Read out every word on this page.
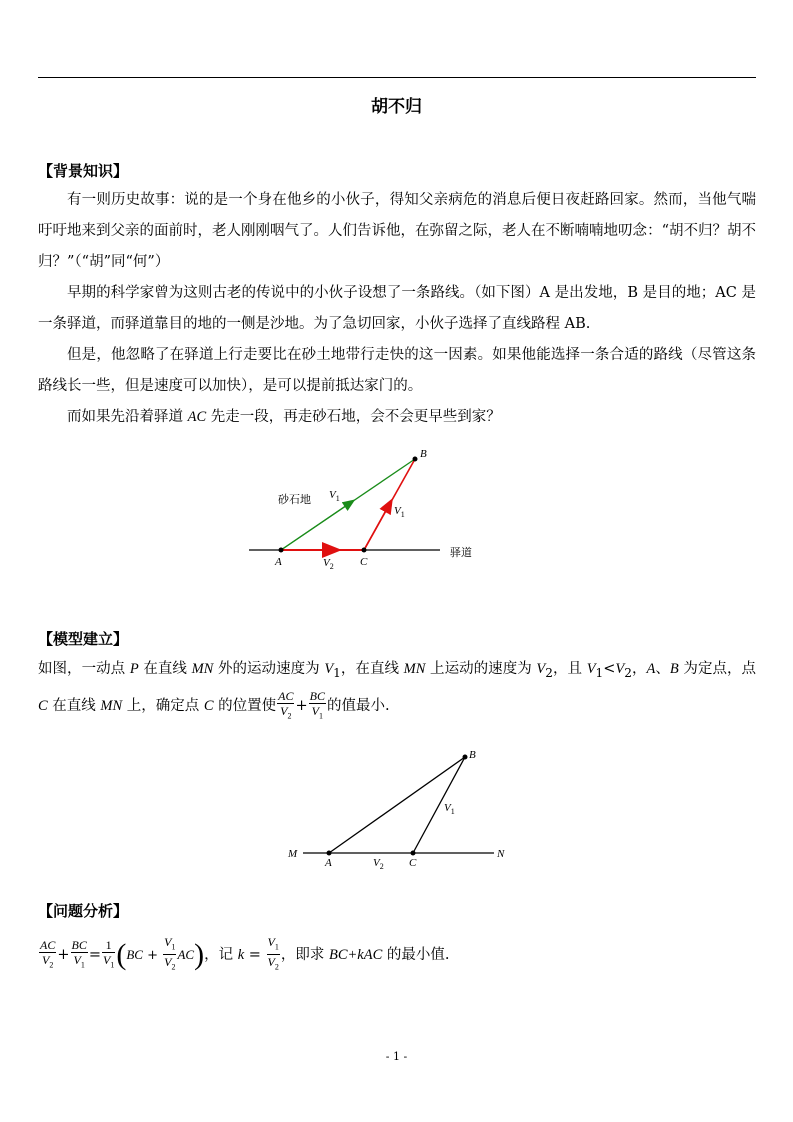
胡不归
【背景知识】

有一则历史故事：说的是一个身在他乡的小伙子，得知父亲病危的消息后便日夜赶路回家。然而，当他气喘吁吁地来到父亲的面前时，老人刚刚咽气了。人们告诉他，在弥留之际，老人在不断喃喃地叨念：“胡不归？胡不归？”（“胡”同“何”）

早期的科学家曾为这则古老的传说中的小伙子设想了一条路线。（如下图）A 是出发地，B 是目的地；AC 是一条驿道，而驿道靠目的地的一侧是沙地。为了急切回家，小伙子选择了直线路程 AB.

但是，他忽略了在驿道上行走要比在砂土地带行走快的这一因素。如果他能选择一条合适的路线（尽管这条路线长一些，但是速度可以加快），是可以提前抵达家门的。

而如果先沿着驿道 AC 先走一段，再走砂石地，会不会更早些到家？

B
A	C
砂石地
驿道
$V_1$
$V_1$
$V_2$
【模型建立】

如图，一动点 P 在直线 MN 外的运动速度为 $V_1$，在直线 MN 上运动的速度为 $V_2$，且 $V_1<V_2$，A、B 为定点，点 C 在直线 MN 上，确定点 C 的位置使 $\frac{AC}{V_2} + \frac{BC}{V_1}$ 的值最小.

B
A	C
M	N
$V_1$
$V_2$
【问题分析】
$\frac{AC}{V_2} + \frac{BC}{V_1} = \frac{1}{V_1} (BC + \frac{V_1}{V_2} AC)$，记 $k = \frac{V_1}{V_2}$ ，即求 BC+kAC 的最小值.
- 1 -
